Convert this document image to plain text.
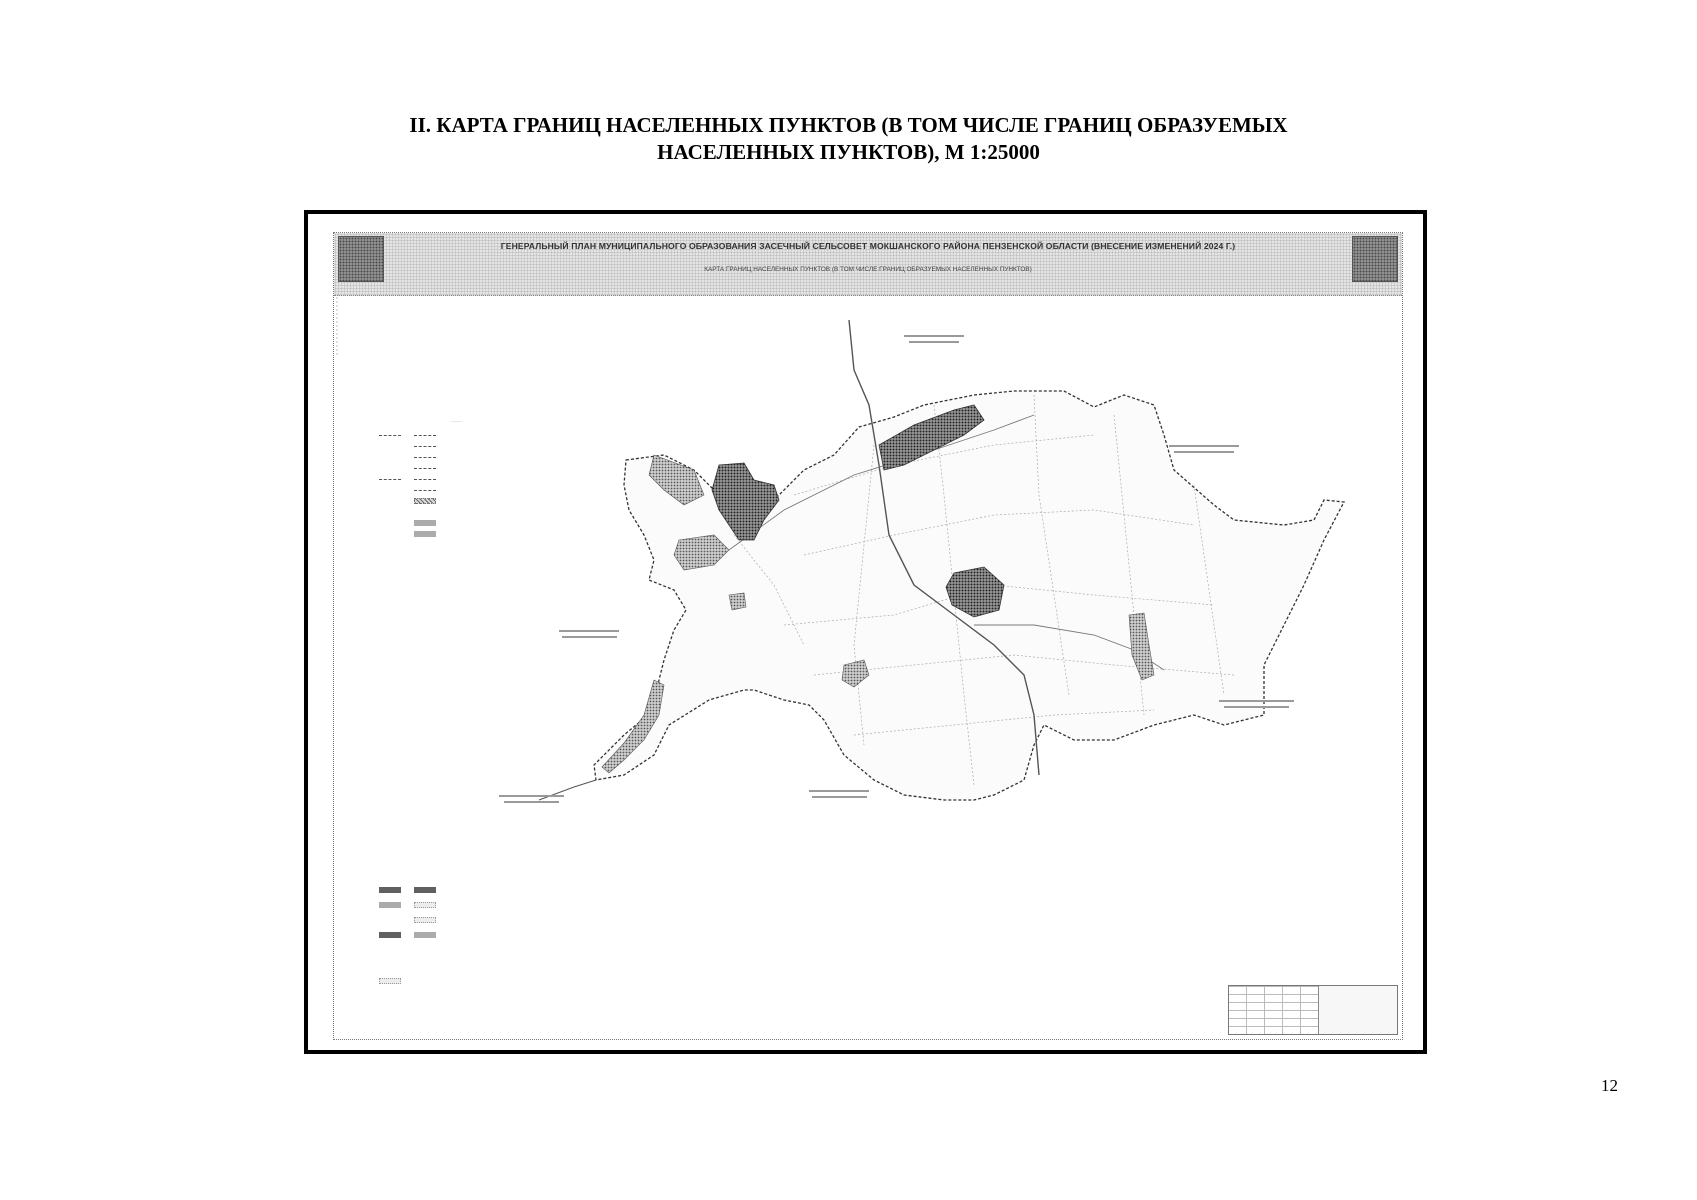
II. КАРТА ГРАНИЦ НАСЕЛЕННЫХ ПУНКТОВ (В ТОМ ЧИСЛЕ ГРАНИЦ ОБРАЗУЕМЫХ
НАСЕЛЕННЫХ ПУНКТОВ), М 1:25000
ГЕНЕРАЛЬНЫЙ ПЛАН МУНИЦИПАЛЬНОГО ОБРАЗОВАНИЯ ЗАСЕЧНЫЙ СЕЛЬСОВЕТ МОКШАНСКОГО РАЙОНА ПЕНЗЕНСКОЙ ОБЛАСТИ (ВНЕСЕНИЕ ИЗМЕНЕНИЙ 2024 Г.)
КАРТА ГРАНИЦ НАСЕЛЕННЫХ ПУНКТОВ (В ТОМ ЧИСЛЕ ГРАНИЦ ОБРАЗУЕМЫХ НАСЕЛЕННЫХ ПУНКТОВ)
·······
12
